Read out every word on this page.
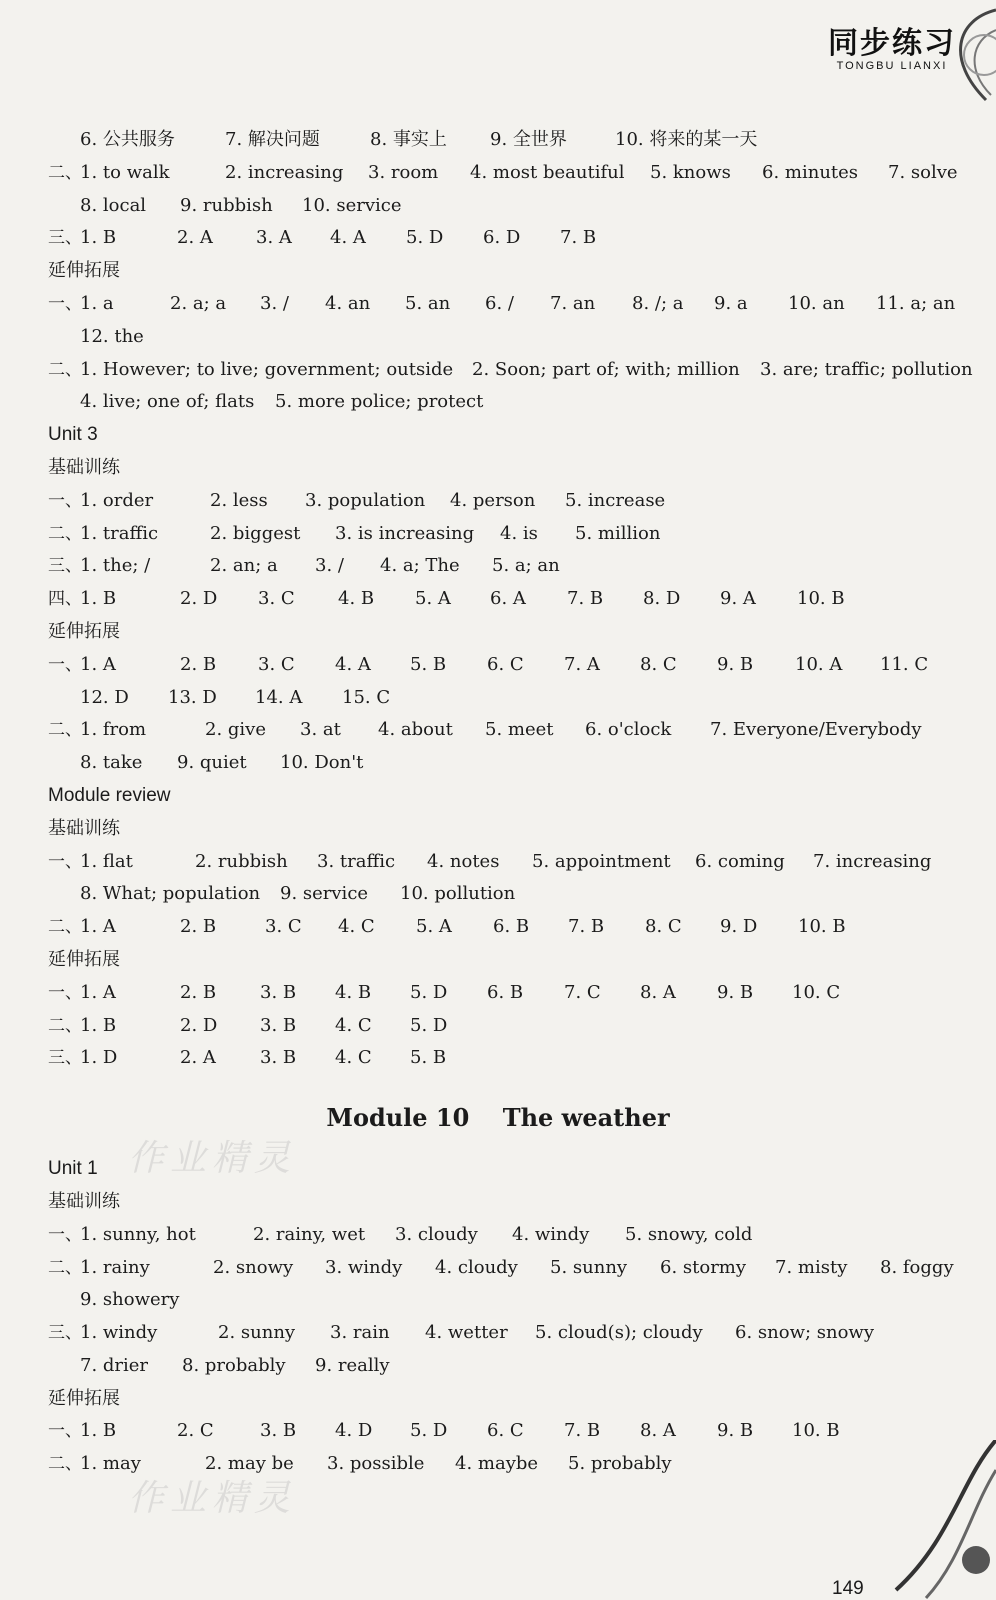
同步练习
TONGBU LIANXI
6. 公共服务	7. 解决问题	8. 事实上 9. 全世界	10. 将来的某一天
二、
1. to walk	2. increasing 3. room 4. most beautiful 5. knows 6. minutes 7. solve
8. local 9. rubbish 10. service
三、
1. B	2. A 3. A 4. A 5. D 6. D 7. B
延伸拓展
一、
1. a	2. a; a 3. / 4. an 5. an 6. / 7. an 8. /; a 9. a 10. an 11. a; an
12. the
二、
1. However; to live; government; outside 2. Soon; part of; with; million 3. are; traffic; pollution
4. live; one of; flats 5. more police; protect
Unit 3
基础训练
一、
1. order	2. less 3. population 4. person 5. increase
二、
1. traffic	2. biggest 3. is increasing 4. is 5. million
三、
1. the; /	2. an; a 3. / 4. a; The 5. a; an
四、
1. B	2. D 3. C 4. B 5. A 6. A 7. B 8. D 9. A 10. B
延伸拓展
一、
1. A	2. B 3. C 4. A 5. B 6. C 7. A 8. C 9. B 10. A 11. C
12. D 13. D 14. A 15. C
二、
1. from	2. give 3. at 4. about 5. meet 6. o'clock 7. Everyone/Everybody
8. take 9. quiet 10. Don't
Module review
基础训练
一、
1. flat	2. rubbish 3. traffic 4. notes 5. appointment 6. coming 7. increasing
8. What; population 9. service 10. pollution
二、
1. A	2. B	3. C 4. C 5. A 6. B 7. B 8. C 9. D 10. B
延伸拓展
一、
1. A	2. B 3. B 4. B 5. D 6. B 7. C 8. A 9. B 10. C
二、
1. B	2. D 3. B 4. C 5. D
三、
1. D	2. A 3. B 4. C 5. B
Module 10    The weather
Unit 1
基础训练
一、
1. sunny, hot	2. rainy, wet 3. cloudy 4. windy 5. snowy, cold
二、
1. rainy	2. snowy 3. windy 4. cloudy 5. sunny 6. stormy 7. misty 8. foggy
9. showery
三、
1. windy	2. sunny 3. rain 4. wetter 5. cloud(s); cloudy 6. snow; snowy
7. drier 8. probably 9. really
延伸拓展
一、
1. B	2. C	3. B 4. D 5. D 6. C 7. B 8. A 9. B 10. B
二、
1. may	2. may be 3. possible 4. maybe 5. probably
作业精灵
作业精灵
149
